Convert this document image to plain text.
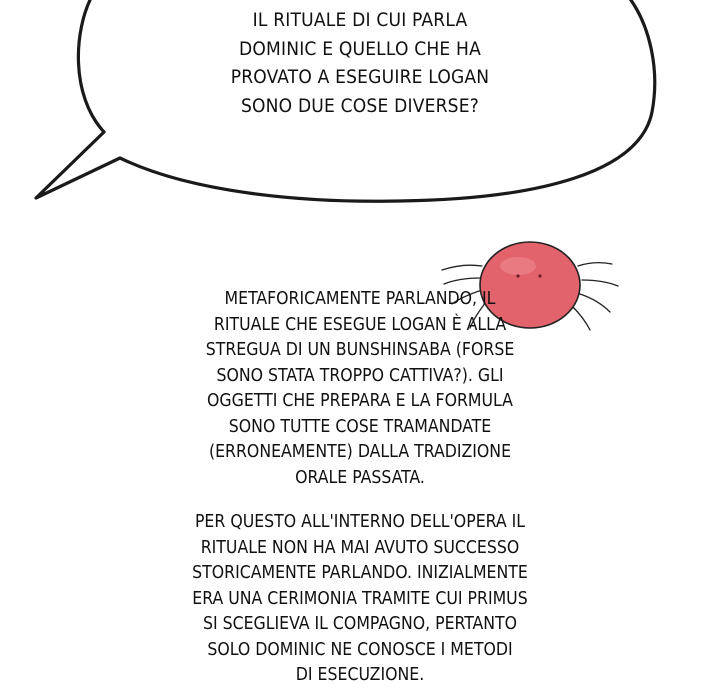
IL RITUALE DI CUI PARLA
DOMINIC E QUELLO CHE HA
PROVATO A ESEGUIRE LOGAN
SONO DUE COSE DIVERSE?
METAFORICAMENTE PARLANDO, IL
RITUALE CHE ESEGUE LOGAN È ALLA
STREGUA DI UN BUNSHINSABA (FORSE
SONO STATA TROPPO CATTIVA?). GLI
OGGETTI CHE PREPARA E LA FORMULA
SONO TUTTE COSE TRAMANDATE
(ERRONEAMENTE) DALLA TRADIZIONE
ORALE PASSATA.
PER QUESTO ALL'INTERNO DELL'OPERA IL
RITUALE NON HA MAI AVUTO SUCCESSO
STORICAMENTE PARLANDO. INIZIALMENTE
ERA UNA CERIMONIA TRAMITE CUI PRIMUS
SI SCEGLIEVA IL COMPAGNO, PERTANTO
SOLO DOMINIC NE CONOSCE I METODI
DI ESECUZIONE.
